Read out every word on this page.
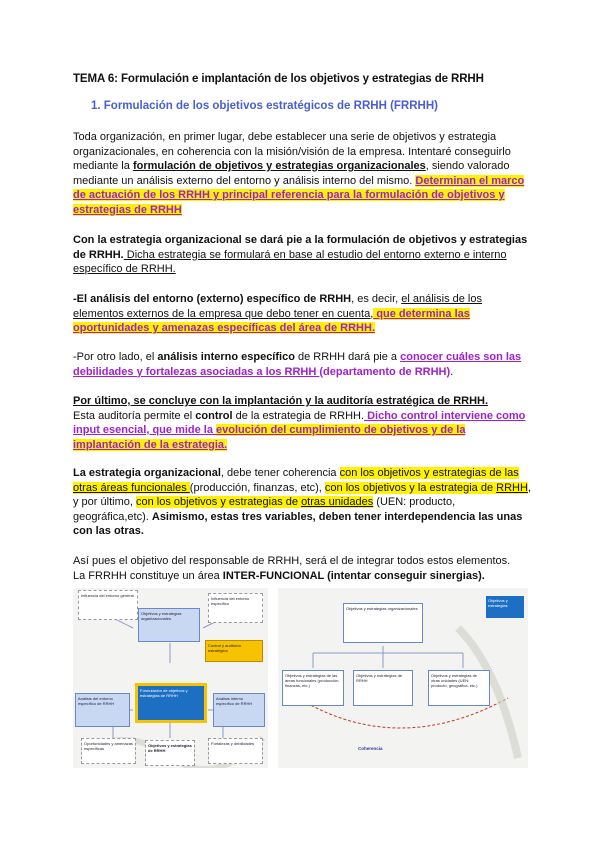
TEMA 6: Formulación e implantación de los objetivos y estrategias de RRHH
1. Formulación de los objetivos estratégicos de RRHH (FRRHH)
Toda organización, en primer lugar, debe establecer una serie de objetivos y estrategia organizacionales, en coherencia con la misión/visión de la empresa. Intentaré conseguirlo mediante la formulación de objetivos y estrategias organizacionales, siendo valorado mediante un análisis externo del entorno y análisis interno del mismo. Determinan el marco de actuación de los RRHH y principal referencia para la formulación de objetivos y estrategias de RRHH
Con la estrategia organizacional se dará pie a la formulación de objetivos y estrategias de RRHH. Dicha estrategia se formulará en base al estudio del entorno externo e interno específico de RRHH.
-El análisis del entorno (externo) específico de RRHH, es decir, el análisis de los elementos externos de la empresa que debo tener en cuenta, que determina las oportunidades y amenazas específicas del área de RRHH.
-Por otro lado, el análisis interno específico de RRHH dará pie a conocer cuáles son las debilidades y fortalezas asociadas a los RRHH (departamento de RRHH).
Por último, se concluye con la implantación y la auditoría estratégica de RRHH.
Esta auditoría permite el control de la estrategia de RRHH. Dicho control interviene como input esencial, que mide la evolución del cumplimiento de objetivos y de la implantación de la estrategia.
La estrategia organizacional, debe tener coherencia con los objetivos y estrategias de las otras áreas funcionales (producción, finanzas, etc), con los objetivos y la estrategia de RRHH, y por último, con los objetivos y estrategias de otras unidades (UEN: producto, geográfica,etc). Asimismo, estas tres variables, deben tener interdependencia las unas con las otras.
Así pues el objetivo del responsable de RRHH, será el de integrar todos estos elementos.
La FRRHH constituye un área INTER-FUNCIONAL (intentar conseguir sinergias).
Influencia del entorno general
Objetivos y estrategias organizacionales
Influencia del entorno específico
Control y auditoría estratégica
Análisis del entorno específico de RRHH
Formulación de objetivos y estrategias de RRHH
Análisis interno específico de RRHH
Oportunidades y amenazas específicas
Objetivos y estrategias de RRHH
Fortalezas y debilidades
Objetivos y estrategias organizacionales
Objetivos y estrategias
Objetivos y estrategias de las áreas funcionales (producción, finanzas, etc.)
Objetivos y estrategias de RRHH
Objetivos y estrategias de otras unidades (UEN: producto, geográfica, etc.)
Coherencia
